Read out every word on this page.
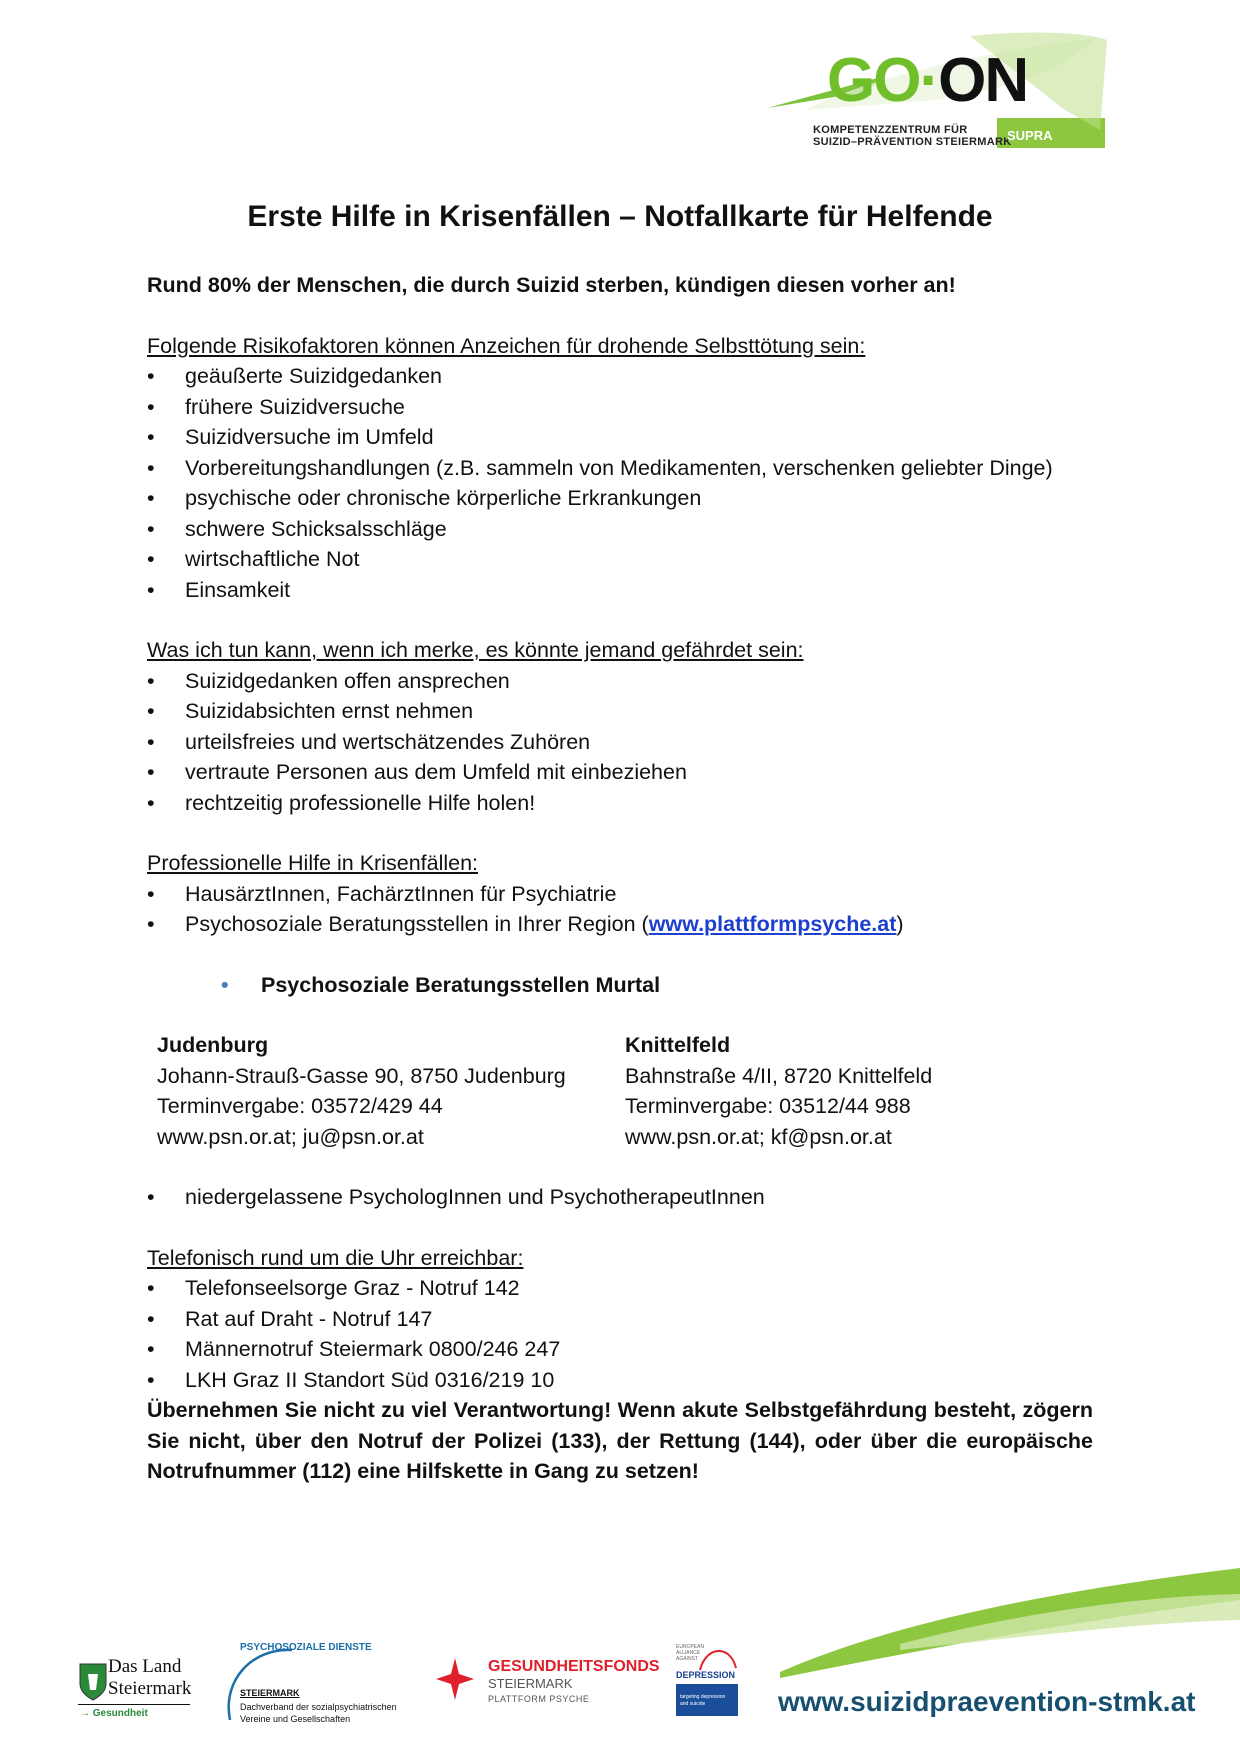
GO·ON
KOMPETENZZENTRUM FÜR
SUIZID–PRÄVENTION STEIERMARK
SUPRA
Erste Hilfe in Krisenfällen – Notfallkarte für Helfende

Rund 80% der Menschen, die durch Suizid sterben, kündigen diesen vorher an!

Folgende Risikofaktoren können Anzeichen für drohende Selbsttötung sein:

• geäußerte Suizidgedanken
• frühere Suizidversuche
• Suizidversuche im Umfeld
• Vorbereitungshandlungen (z.B. sammeln von Medikamenten, verschenken geliebter Dinge)
• psychische oder chronische körperliche Erkrankungen
• schwere Schicksalsschläge
• wirtschaftliche Not
• Einsamkeit

Was ich tun kann, wenn ich merke, es könnte jemand gefährdet sein:

• Suizidgedanken offen ansprechen
• Suizidabsichten ernst nehmen
• urteilsfreies und wertschätzendes Zuhören
• vertraute Personen aus dem Umfeld mit einbeziehen
• rechtzeitig professionelle Hilfe holen!

Professionelle Hilfe in Krisenfällen:

• HausärztInnen, FachärztInnen für Psychiatrie
• Psychosoziale Beratungsstellen in Ihrer Region (www.plattformpsyche.at)

• Psychosoziale Beratungsstellen Murtal

Judenburg

Johann-Strauß-Gasse 90, 8750 Judenburg

Terminvergabe: 03572/429 44

www.psn.or.at; ju@psn.or.at

Knittelfeld

Bahnstraße 4/II, 8720 Knittelfeld

Terminvergabe: 03512/44 988

www.psn.or.at; kf@psn.or.at

• niedergelassene PsychologInnen und PsychotherapeutInnen

Telefonisch rund um die Uhr erreichbar:

• Telefonseelsorge Graz - Notruf 142
• Rat auf Draht - Notruf 147
• Männernotruf Steiermark 0800/246 247
• LKH Graz II Standort Süd 0316/219 10

Übernehmen Sie nicht zu viel Verantwortung! Wenn akute Selbstgefährdung besteht, zögern Sie nicht, über den Notruf der Polizei (133), der Rettung (144), oder über die europäische Notrufnummer (112) eine Hilfskette in Gang zu setzen!

Das Land
Steiermark
→ Gesundheit
PSYCHOSOZIALE DIENSTE
STEIERMARK
Dachverband der sozialpsychiatrischen
Vereine und Gesellschaften
GESUNDHEITSFONDS
STEIERMARK
PLATTFORM PSYCHE
EUROPEAN ALLIANCE AGAINST
DEPRESSION
targeting depression and suicide	www.suizidpraevention-stmk.at
